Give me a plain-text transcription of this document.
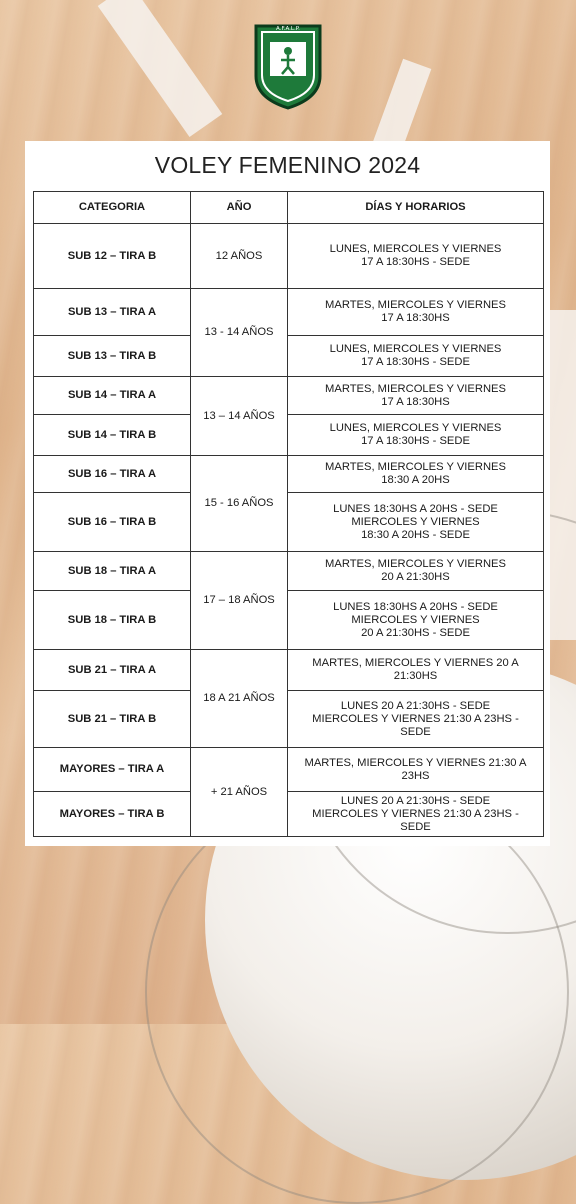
A.F.A.L.P.
VOLEY FEMENINO 2024
CATEGORIA	AÑO	DÍAS Y HORARIOS
SUB 12 – TIRA B	12 AÑOS	LUNES, MIERCOLES Y VIERNES
17 A 18:30HS - SEDE
SUB 13 – TIRA A	13 - 14 AÑOS	MARTES, MIERCOLES Y VIERNES
17 A 18:30HS
SUB 13 – TIRA B		LUNES, MIERCOLES Y VIERNES
17 A 18:30HS - SEDE
SUB 14 – TIRA A	13 – 14 AÑOS	MARTES, MIERCOLES Y VIERNES
17 A 18:30HS
SUB 14 – TIRA B		LUNES, MIERCOLES Y VIERNES
17 A 18:30HS - SEDE
SUB 16 – TIRA A	15 - 16 AÑOS	MARTES, MIERCOLES Y VIERNES
18:30 A 20HS
SUB 16 – TIRA B		LUNES 18:30HS A 20HS - SEDE
MIERCOLES Y VIERNES
18:30 A 20HS - SEDE
SUB 18 – TIRA A	17 – 18 AÑOS	MARTES, MIERCOLES Y VIERNES
20 A 21:30HS
SUB 18 – TIRA B		LUNES 18:30HS A 20HS - SEDE
MIERCOLES Y VIERNES
20 A 21:30HS - SEDE
SUB 21 – TIRA A	18 A 21 AÑOS	MARTES, MIERCOLES Y VIERNES 20 A
21:30HS
SUB 21 – TIRA B		LUNES 20 A 21:30HS - SEDE
MIERCOLES Y VIERNES 21:30 A 23HS -
SEDE
MAYORES – TIRA A	+ 21 AÑOS	MARTES, MIERCOLES Y VIERNES 21:30 A
23HS
MAYORES – TIRA B		LUNES 20 A 21:30HS - SEDE
MIERCOLES Y VIERNES 21:30 A 23HS -
SEDE
